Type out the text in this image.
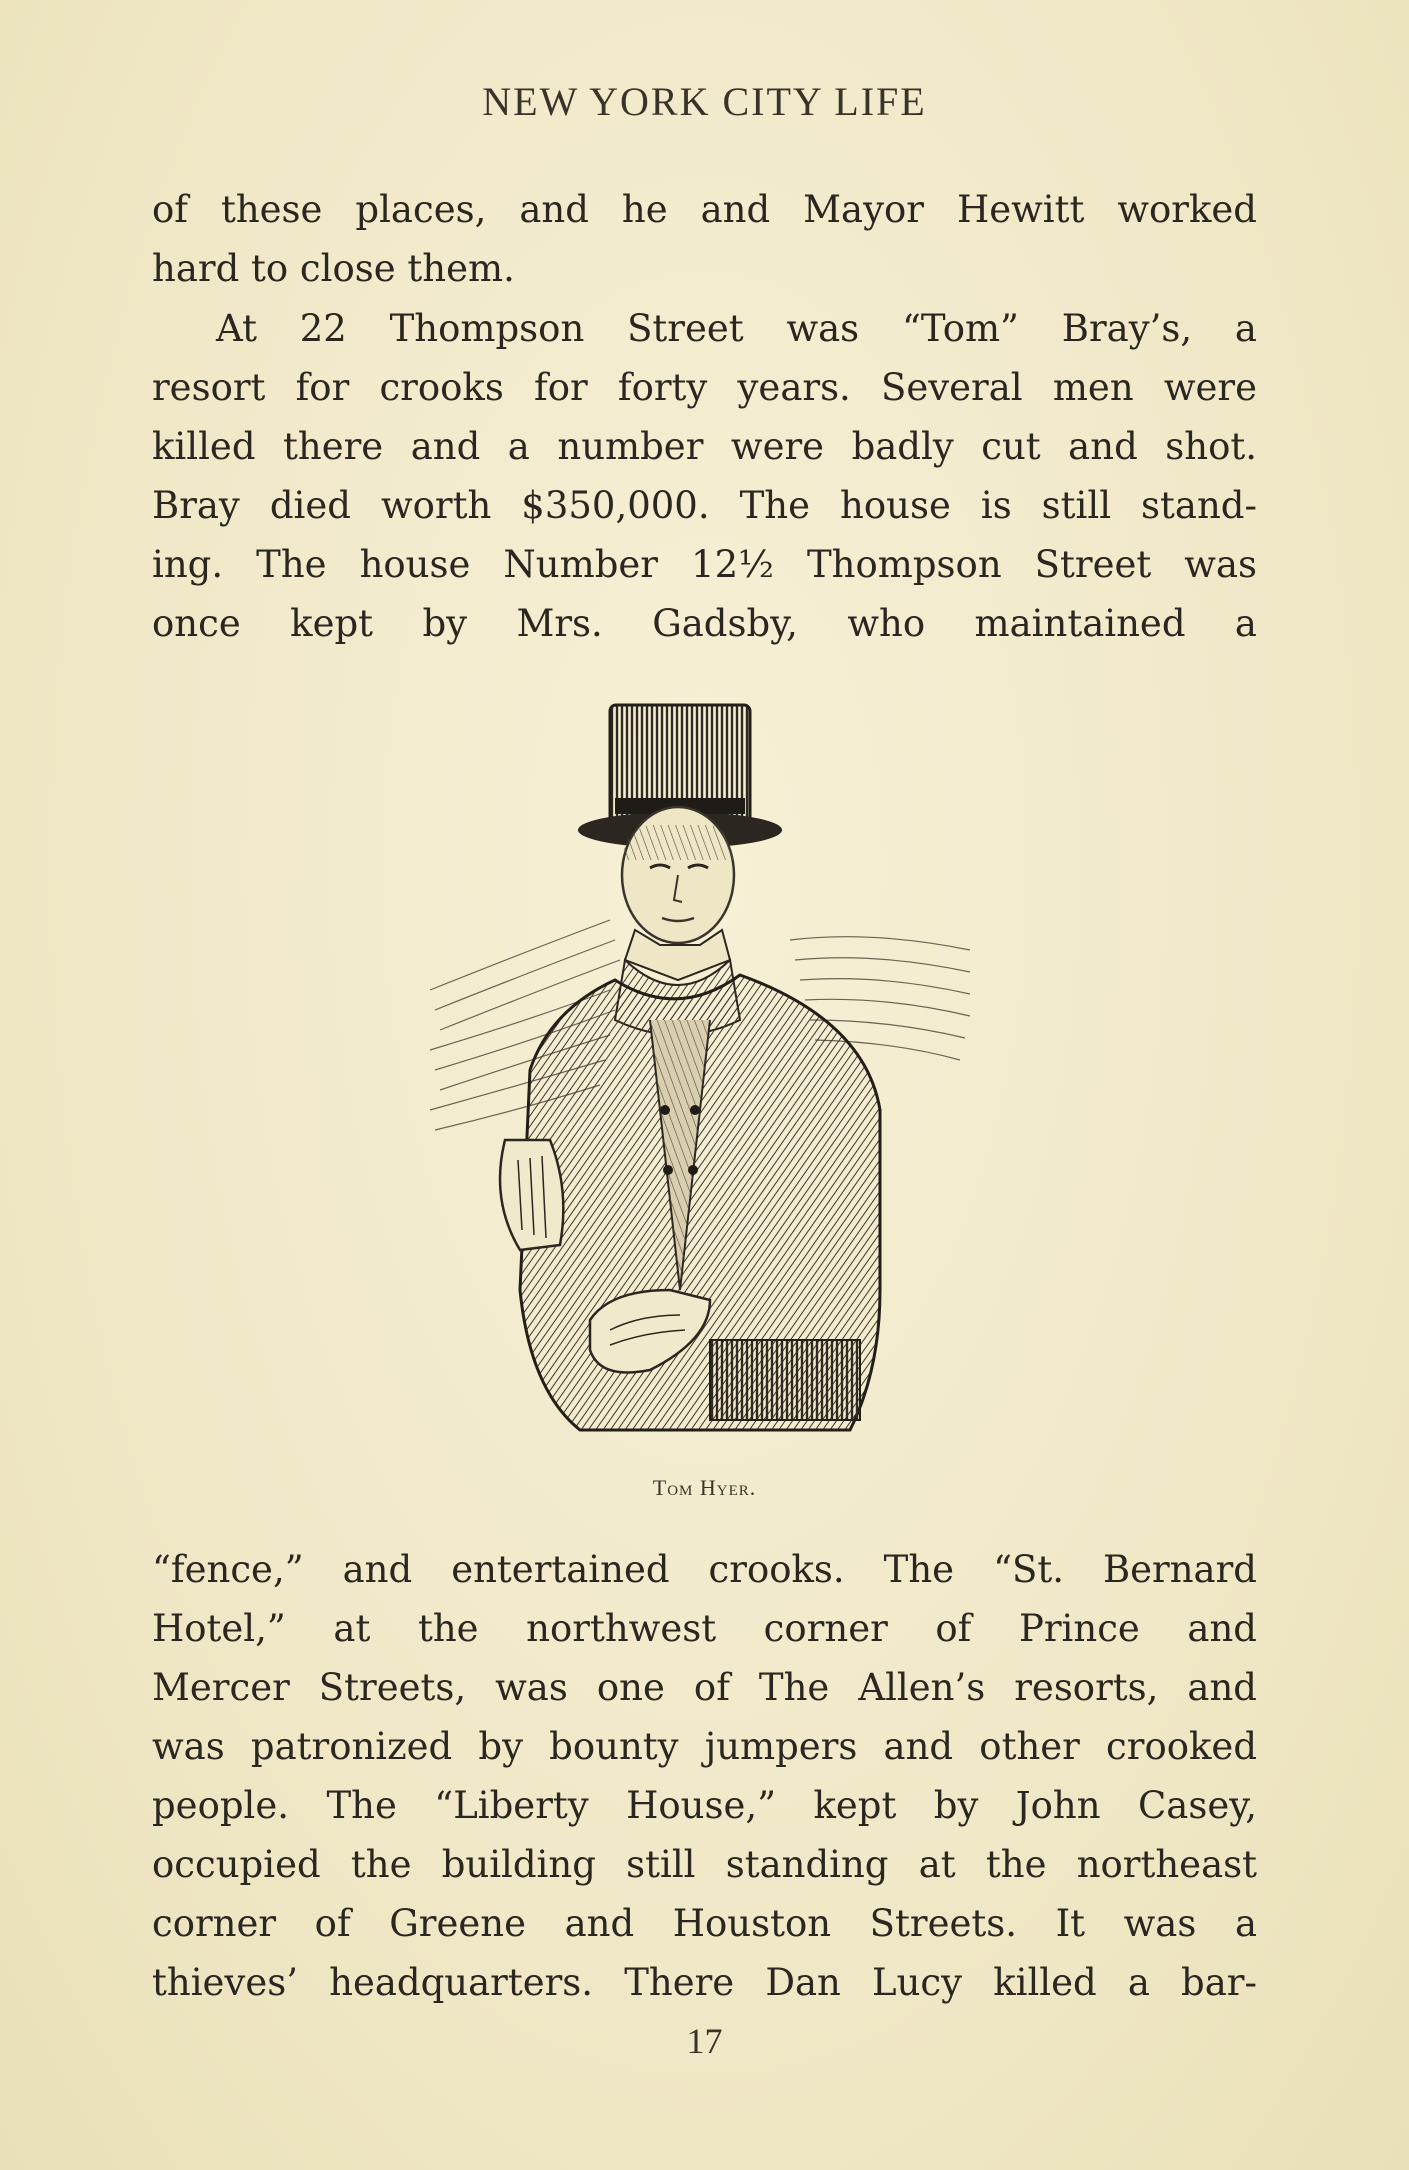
NEW YORK CITY LIFE
of these places, and he and Mayor Hewitt worked
hard to close them.
At 22 Thompson Street was “Tom” Bray’s, a
resort for crooks for forty years. Several men were
killed there and a number were badly cut and shot.
Bray died worth $350,000. The house is still stand-
ing. The house Number 12½ Thompson Street was
once kept by Mrs. Gadsby, who maintained a
Tom Hyer.
“fence,” and entertained crooks. The “St. Bernard
Hotel,” at the northwest corner of Prince and
Mercer Streets, was one of The Allen’s resorts, and
was patronized by bounty jumpers and other crooked
people. The “Liberty House,” kept by John Casey,
occupied the building still standing at the northeast
corner of Greene and Houston Streets. It was a
thieves’ headquarters. There Dan Lucy killed a bar-
17
